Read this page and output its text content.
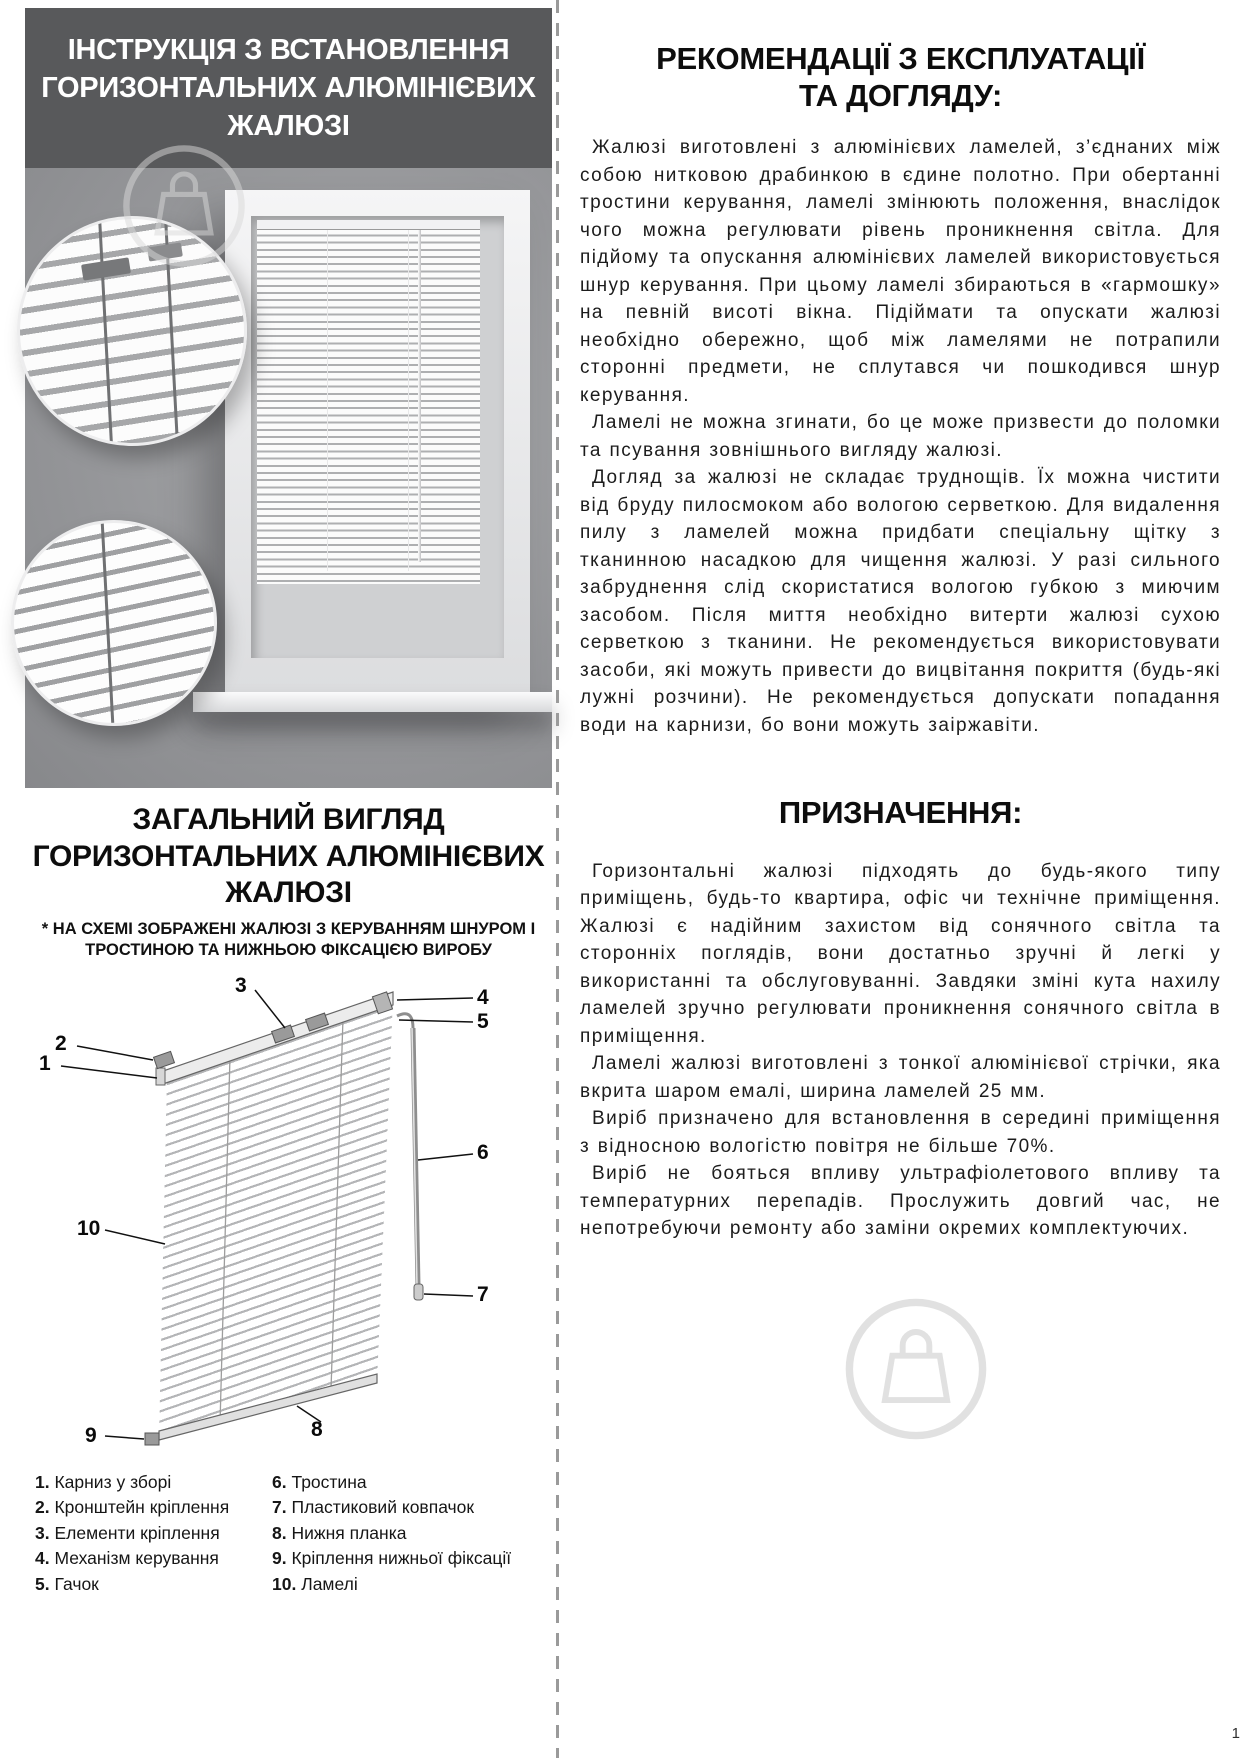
ІНСТРУКЦІЯ З ВСТАНОВЛЕННЯ
ГОРИЗОНТАЛЬНИХ АЛЮМІНІЄВИХ
ЖАЛЮЗІ
ЗАГАЛЬНИЙ ВИГЛЯД
ГОРИЗОНТАЛЬНИХ АЛЮМІНІЄВИХ
ЖАЛЮЗІ
* НА СХЕМІ ЗОБРАЖЕНІ ЖАЛЮЗІ З КЕРУВАННЯМ ШНУРОМ І
ТРОСТИНОЮ ТА НИЖНЬОЮ ФІКСАЦІЄЮ ВИРОБУ
1
2
3
4
5
6
7
8
9
10
1. Карниз у зборі
2. Кронштейн кріплення
3. Елементи кріплення
4. Механізм керування
5. Гачок
6. Тростина
7. Пластиковий ковпачок
8. Нижня планка
9. Кріплення нижньої фіксації
10. Ламелі
РЕКОМЕНДАЦІЇ З ЕКСПЛУАТАЦІЇ
ТА ДОГЛЯДУ:

Жалюзі виготовлені з алюмінієвих ламелей, з’єднаних між собою нитковою драбинкою в єдине полотно. При обертанні тростини керування, ламелі змінюють положення, внаслідок чого можна регулювати рівень проникнення світла. Для підйому та опускання алюмінієвих ламелей використовується шнур керування. При цьому ламелі збираються в «гармошку» на певній висоті вікна. Підіймати та опускати жалюзі необхідно обережно, щоб між ламелями не потрапили сторонні предмети, не сплутався чи пошкодився шнур керування.

Ламелі не можна згинати, бо це може призвести до поломки та псування зовнішнього вигляду жалюзі.

Догляд за жалюзі не складає труднощів. Їх можна чистити від бруду пилосмоком або вологою серветкою. Для видалення пилу з ламелей можна придбати спеціальну щітку з тканинною насадкою для чищення жалюзі. У разі сильного забруднення слід скористатися вологою губкою з миючим засобом. Після миття необхідно витерти жалюзі сухою серветкою з тканини. Не рекомендується використовувати засоби, які можуть привести до вицвітання покриття (будь-які лужні розчини). Не рекомендується допускати попадання води на карнизи, бо вони можуть заіржавіти.

ПРИЗНАЧЕННЯ:

Горизонтальні жалюзі підходять до будь-якого типу приміщень, будь-то квартира, офіс чи технічне приміщення. Жалюзі є надійним захистом від сонячного світла та сторонніх поглядів, вони достатньо зручні й легкі у використанні та обслуговуванні. Завдяки зміні кута нахилу ламелей зручно регулювати проникнення сонячного світла в приміщення.

Ламелі жалюзі виготовлені з тонкої алюмінієвої стрічки, яка вкрита шаром емалі, ширина ламелей 25 мм.

Виріб призначено для встановлення в середині приміщення з відносною вологістю повітря не більше 70%.

Виріб не бояться впливу ультрафіолетового впливу та температурних перепадів. Прослужить довгий час, не непотребуючи ремонту або заміни окремих комплектуючих.

1
